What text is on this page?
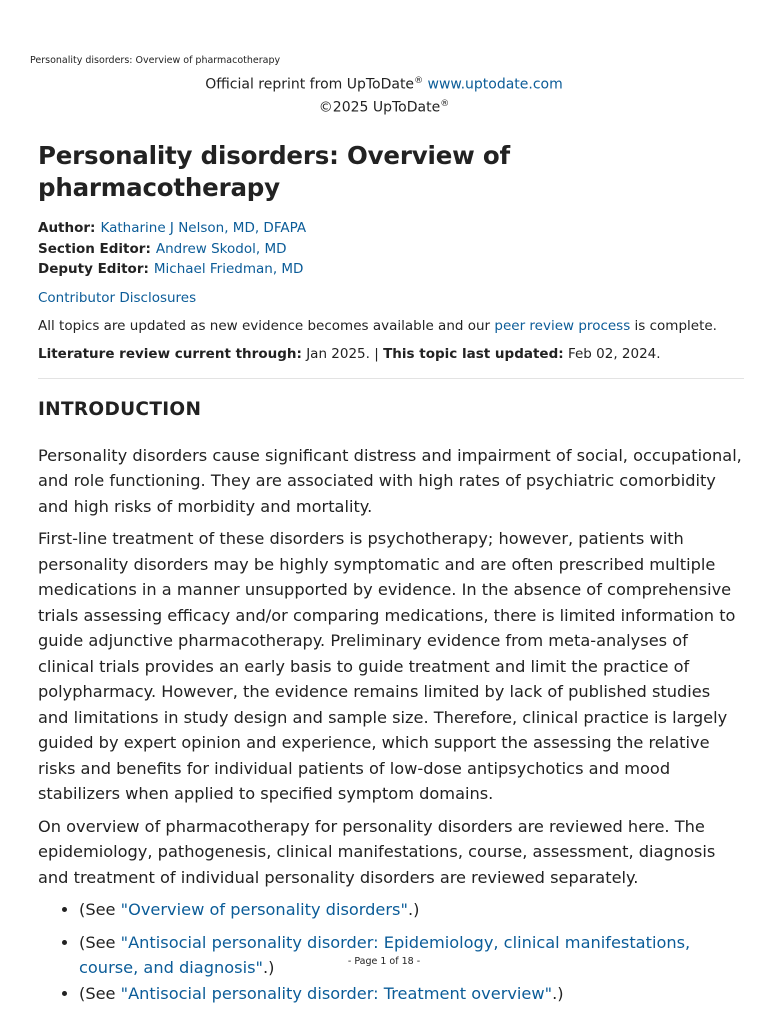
Personality disorders: Overview of pharmacotherapy
Official reprint from UpToDate® www.uptodate.com
©2025 UpToDate®
Personality disorders: Overview of pharmacotherapy
Author: Katharine J Nelson, MD, DFAPA
Section Editor: Andrew Skodol, MD
Deputy Editor: Michael Friedman, MD
Contributor Disclosures
All topics are updated as new evidence becomes available and our peer review process is complete.
Literature review current through: Jan 2025. | This topic last updated: Feb 02, 2024.
INTRODUCTION

Personality disorders cause significant distress and impairment of social, occupational, and role functioning. They are associated with high rates of psychiatric comorbidity and high risks of morbidity and mortality.

First-line treatment of these disorders is psychotherapy; however, patients with personality disorders may be highly symptomatic and are often prescribed multiple medications in a manner unsupported by evidence. In the absence of comprehensive trials assessing efficacy and/or comparing medications, there is limited information to guide adjunctive pharmacotherapy. Preliminary evidence from meta-analyses of clinical trials provides an early basis to guide treatment and limit the practice of polypharmacy. However, the evidence remains limited by lack of published studies and limitations in study design and sample size. Therefore, clinical practice is largely guided by expert opinion and experience, which support the assessing the relative risks and benefits for individual patients of low-dose antipsychotics and mood stabilizers when applied to specified symptom domains.

On overview of pharmacotherapy for personality disorders are reviewed here. The epidemiology, pathogenesis, clinical manifestations, course, assessment, diagnosis and treatment of individual personality disorders are reviewed separately.

• (See "Overview of personality disorders".)
• (See "Antisocial personality disorder: Epidemiology, clinical manifestations, course, and diagnosis".)
• (See "Antisocial personality disorder: Treatment overview".)
- Page 1 of 18 -
